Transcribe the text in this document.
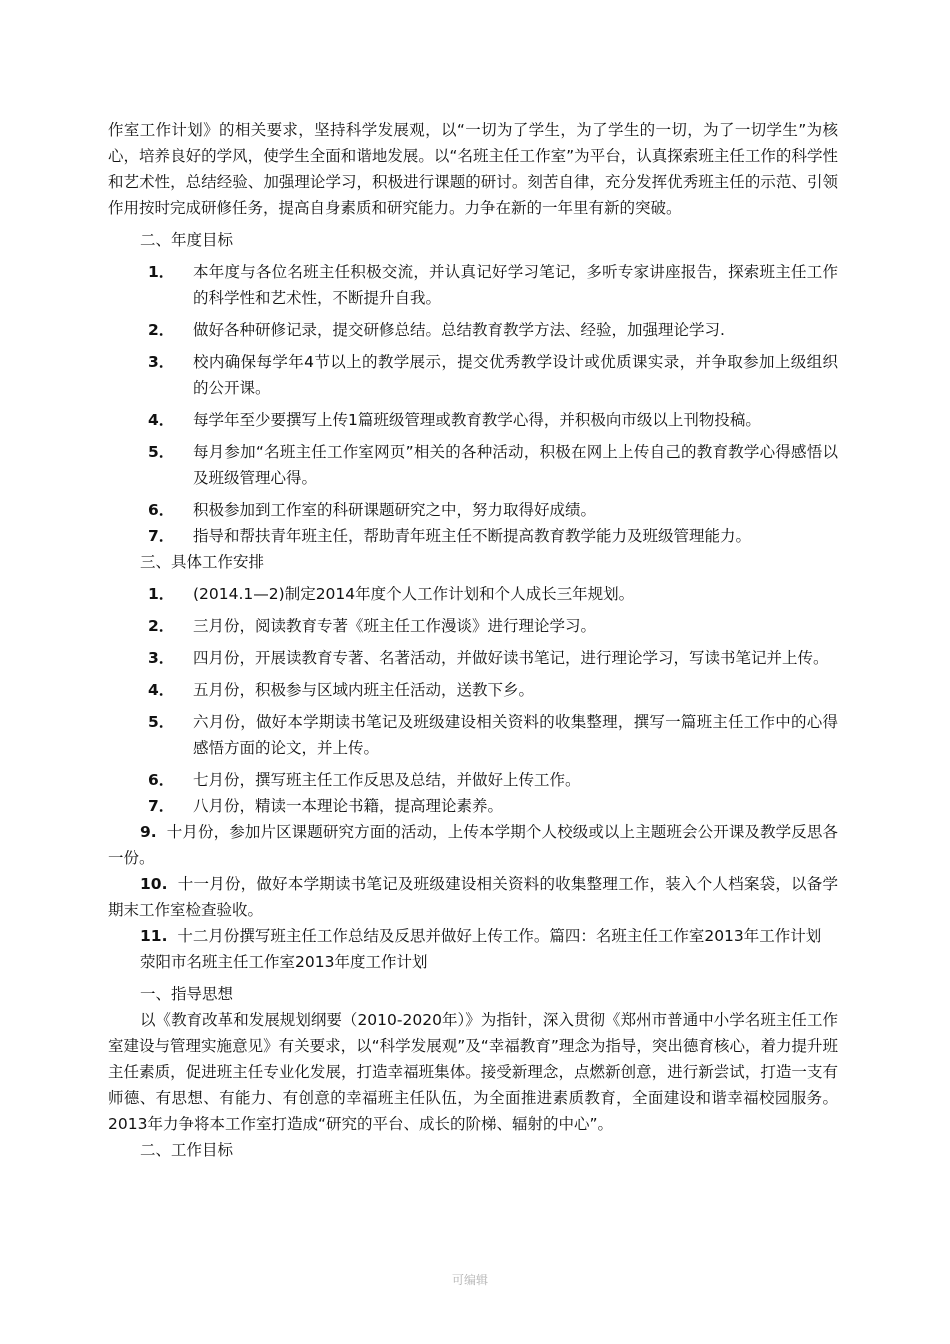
作室工作计划》的相关要求，坚持科学发展观，以“一切为了学生，为了学生的一切，为了一切学生”为核心，培养良好的学风，使学生全面和谐地发展。以“名班主任工作室”为平台，认真探索班主任工作的科学性和艺术性，总结经验、加强理论学习，积极进行课题的研讨。刻苦自律，充分发挥优秀班主任的示范、引领作用按时完成研修任务，提高自身素质和研究能力。力争在新的一年里有新的突破。

二、年度目标

1． 本年度与各位名班主任积极交流，并认真记好学习笔记，多听专家讲座报告，探索班主任工作的科学性和艺术性，不断提升自我。
2． 做好各种研修记录，提交研修总结。总结教育教学方法、经验，加强理论学习.
3． 校内确保每学年4节以上的教学展示，提交优秀教学设计或优质课实录，并争取参加上级组织的公开课。
4． 每学年至少要撰写上传1篇班级管理或教育教学心得，并积极向市级以上刊物投稿。
5． 每月参加“名班主任工作室网页”相关的各种活动，积极在网上上传自己的教育教学心得感悟以及班级管理心得。
6． 积极参加到工作室的科研课题研究之中，努力取得好成绩。
7． 指导和帮扶青年班主任，帮助青年班主任不断提高教育教学能力及班级管理能力。

三、具体工作安排

1． (2014.1—2)制定2014年度个人工作计划和个人成长三年规划。
2． 三月份，阅读教育专著《班主任工作漫谈》进行理论学习。
3． 四月份，开展读教育专著、名著活动，并做好读书笔记，进行理论学习，写读书笔记并上传。
4． 五月份，积极参与区域内班主任活动，送教下乡。
5． 六月份，做好本学期读书笔记及班级建设相关资料的收集整理，撰写一篇班主任工作中的心得感悟方面的论文，并上传。
6． 七月份，撰写班主任工作反思及总结，并做好上传工作。
7． 八月份，精读一本理论书籍，提高理论素养。

9. 十月份，参加片区课题研究方面的活动，上传本学期个人校级或以上主题班会公开课及教学反思各一份。

10. 十一月份，做好本学期读书笔记及班级建设相关资料的收集整理工作，装入个人档案袋，以备学期末工作室检查验收。

11. 十二月份撰写班主任工作总结及反思并做好上传工作。篇四：名班主任工作室2013年工作计划

荥阳市名班主任工作室2013年度工作计划

一、指导思想

以《教育改革和发展规划纲要（2010-2020年）》为指针，深入贯彻《郑州市普通中小学名班主任工作室建设与管理实施意见》有关要求，以“科学发展观”及“幸福教育”理念为指导，突出德育核心，着力提升班主任素质，促进班主任专业化发展，打造幸福班集体。接受新理念，点燃新创意，进行新尝试，打造一支有师德、有思想、有能力、有创意的幸福班主任队伍，为全面推进素质教育，全面建设和谐幸福校园服务。2013年力争将本工作室打造成“研究的平台、成长的阶梯、辐射的中心”。

二、工作目标

可编辑
